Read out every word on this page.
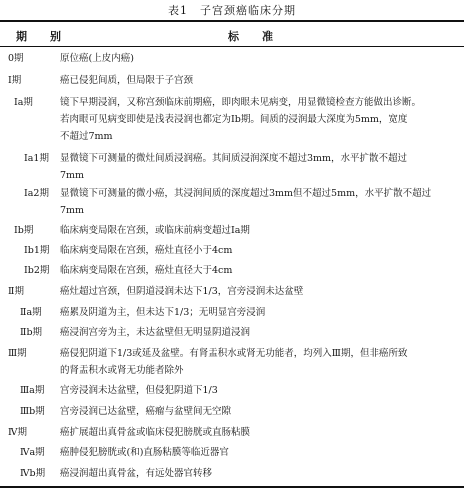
表1　子宫颈癌临床分期
期　别	标　准
0期	原位癌(上皮内癌)
Ⅰ期	癌已侵犯间质，但局限于子宫颈
Ⅰa期	镜下早期浸润，又称宫颈临床前期癌，即肉眼未见病变，用显微镜检查方能做出诊断。
若肉眼可见病变即使是浅表浸润也都定为Ⅰb期。间质的浸润最大深度为5mm，宽度
不超过7mm
Ⅰa1期 显微镜下可测量的微灶间质浸润癌。其间质浸润深度不超过3mm，水平扩散不超过
7mm
Ⅰa2期 显微镜下可测量的微小癌，其浸润间质的深度超过3mm但不超过5mm，水平扩散不超过
7mm
Ⅰb期	临床病变局限在宫颈，或临床前病变超过Ⅰa期
Ⅰb1期 临床病变局限在宫颈，癌灶直径小于4cm
Ⅰb2期 临床病变局限在宫颈，癌灶直径大于4cm
Ⅱ期	癌灶超过宫颈，但阴道浸润未达下1/3，宫旁浸润未达盆壁
Ⅱa期 癌累及阴道为主，但未达下1/3；无明显宫旁浸润
Ⅱb期 癌浸润宫旁为主，未达盆壁但无明显阴道浸润
Ⅲ期	癌侵犯阴道下1/3或延及盆壁。有肾盂积水或肾无功能者，均列入Ⅲ期，但非癌所致
的肾盂积水或肾无功能者除外
Ⅲa期 宫旁浸润未达盆壁，但侵犯阴道下1/3
Ⅲb期 宫旁浸润已达盆壁，癌瘤与盆壁间无空隙
Ⅳ期	癌扩展超出真骨盆或临床侵犯膀胱或直肠粘膜
Ⅳa期 癌肿侵犯膀胱或(和)直肠粘膜等临近器官
Ⅳb期 癌浸润超出真骨盆，有远处器官转移
